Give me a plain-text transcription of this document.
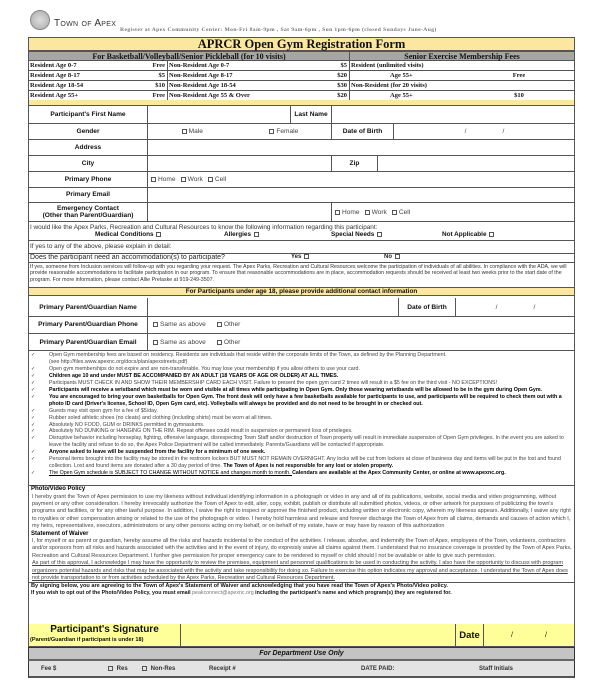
Town of Apex
Register at Apex Community Center: Mon-Fri 8am-9pm , Sat 9am-6pm , Sun 1pm-6pm (closed Sundays June-Aug)
APRCR Open Gym Registration Form
For Basketball/Volleyball/Senior Pickleball (for 10 visits)	Senior Exercise Membership Fees
Resident Age 0-7	Free Non-Resident Age 0-7	$5 Resident (unlimited visits)
Resident Age 8-17	$5 Non-Resident Age 8-17	$20	Age 55+	Free
Resident Age 18-54	$10 Non-Resident Age 18-54	$30 Non-Resident (for 20 visits)
Resident Age 55+	Free Non-Resident Age 55 & Over	$20	Age 55+	$10
Participant's First Name	Last Name
Gender	Male	Female	Date of Birth	/	/
Address
City	Zip
Primary Phone	Home	Work	Cell
Primary Email
Emergency Contact
(Other than Parent/Guardian)	Home	Work	Cell
I would like the Apex Parks, Recreation and Cultural Resources to know the following information regarding this participant:
Medical Conditions	Allergies	Special Needs	Not Applicable
If yes to any of the above, please explain in detail:
Does the participant need an accommodation(s) to participate?	Yes	No
If yes, someone from Inclusion services will follow-up with you regarding your request. The Apex Parks, Recreation and Cultural Resources welcome the participation of individuals of all abilities. In compliance with the ADA, we will provide reasonable accommodations to facilitate participation in our program. To ensure that reasonable accommodations are in place, accommodation requests should be received at least two weeks prior to the start date of the program. For more information, please contact Allie Prelaske at 919-249-3507.
For Participants under age 18, please provide additional contact information
Primary Parent/Guardian Name	Date of Birth	/	/
Primary Parent/Guardian Phone	Same as above	Other
Primary Parent/Guardian Email	Same as above	Other
✓	Open Gym membership fees are based on residency. Residents are individuals that reside within the corporate limits of the Town, as defined by the Planning Department.
(see http://files.www.apexnc.org/docs/plan/apexstreets.pdf)
✓	Open gym memberships do not expire and are non-transferable. You may lose your membership if you allow others to use your card.
✓	Children age 10 and under MUST BE ACCOMPANIED BY AN ADULT (18 YEARS OF AGE OR OLDER) AT ALL TIMES.
✓	Participants MUST CHECK IN AND SHOW THEIR MEMBERSHIP CARD EACH VISIT. Failure to present the open gym card 2 times will result in a $5 fee on the third visit - NO EXCEPTIONS!
✓	Participants will receive a wristband which must be worn and visible at all times while participating in Open Gym. Only those wearing wristbands will be allowed to be in the gym during Open Gym.
✓	You are encouraged to bring your own basketballs for Open Gym. The front desk will only have a few basketballs available for participants to use, and participants will be required to check them out with a photo ID card (Driver's license, School ID, Open Gym card, etc). Volleyballs will always be provided and do not need to be brought in or checked out.
✓	Guests may visit open gym for a fee of $5/day.
✓	Rubber soled athletic shoes (no cleats) and clothing (including shirts) must be worn at all times.
✓	Absolutely NO FOOD, GUM or DRINKS permitted in gymnasiums.
✓	Absolutely NO DUNKING or HANGING ON THE RIM. Repeat offenses could result in suspension or permanent loss of privileges.
✓	Disruptive behavior including horseplay, fighting, offensive language, disrespecting Town Staff and/or destruction of Town property will result in immediate suspension of Open Gym privileges. In the event you are asked to leave the facility and refuse to do so, the Apex Police Department will be called immediately. Parents/Guardians will be contacted if appropriate.
✓	Anyone asked to leave will be suspended from the facility for a minimum of one week.
✓	Personal items brought into the facility may be stored in the restroom lockers BUT MUST NOT REMAIN OVERNIGHT. Any locks will be cut from lockers at close of business day and items will be put in the lost and found collection. Lost and found items are donated after a 30 day period of time. The Town of Apex is not responsible for any lost or stolen property.
✓	The Open Gym schedule is SUBJECT TO CHANGE WITHOUT NOTICE and changes month to month. Calendars are available at the Apex Community Center, or online at www.apexnc.org.
Photo/Video Policy
I hereby grant the Town of Apex permission to use my likeness without individual identifying information in a photograph or video in any and all of its publications, website, social media and video programming, without payment or any other consideration. I hereby irrevocably authorize the Town of Apex to edit, alter, copy, exhibit, publish or distribute all submitted photos, videos, or other artwork for purposes of publicizing the town's programs and facilities, or for any other lawful purpose. In addition, I waive the right to inspect or approve the finished product, including written or electronic copy, wherein my likeness appears. Additionally, I waive any right to royalties or other compensation arising or related to the use of the photograph or video. I hereby hold harmless and release and forever discharge the Town of Apex from all claims, demands and causes of action which I, my heirs, representatives, executors, administrators or any other persons acting on my behalf, or on behalf of my estate, have or may have by reason of this authorization
Statement of Waiver
I, for myself or as parent or guardian, hereby assume all the risks and hazards incidental to the conduct of the activities. I release, absolve, and indemnify the Town of Apex, employees of the Town, volunteers, contractors and/or sponsors from all risks and hazards associated with the activities and in the event of injury, do expressly waive all claims against them. I understand that no insurance coverage is provided by the Town of Apex Parks, Recreation and Cultural Resources Department. I further give permission for proper emergency care to be rendered to myself or child should I not be available or able to give such permission.
As part of this approval, I acknowledge I may have the opportunity to review the premises, equipment and personnel qualifications to be used in conducting the activity. I also have the opportunity to discuss with program organizers potential hazards and risks that may be associated with the activity and take responsibility for doing so. Failure to exercise this option indicates my approval and acceptance. I understand the Town of Apex does not provide transportation to or from activities scheduled by the Apex Parks, Recreation and Cultural Resources Department.
By signing below, you are agreeing to the Town of Apex's Statement of Waiver and acknowledging that you have read the Town of Apex's Photo/Video policy.
If you wish to opt out of the Photo/Video Policy, you must email peakconnect@apexnc.org including the participant's name and which program(s) they are registered for.
Participant's Signature
(Parent/Guardian if participant is under 18)	Date	/	/
For Department Use Only
Fee $	Res	Non-Res	Receipt #	DATE PAID:	Staff Initials
